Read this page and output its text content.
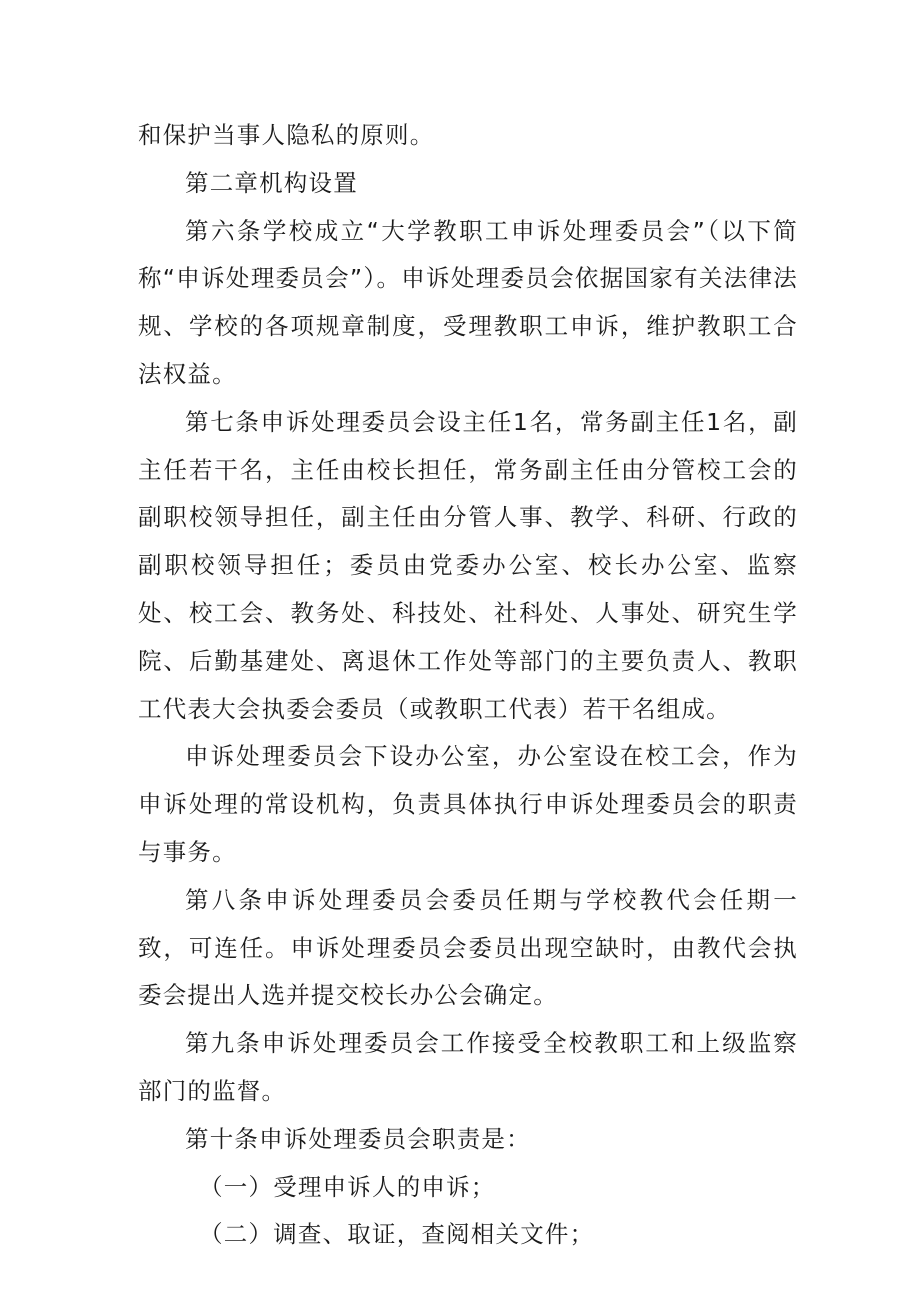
和保护当事人隐私的原则。

第二章机构设置

第六条学校成立“大学教职工申诉处理委员会”（以下简称“申诉处理委员会”）。申诉处理委员会依据国家有关法律法规、学校的各项规章制度，受理教职工申诉，维护教职工合法权益。

第七条申诉处理委员会设主任1名，常务副主任1名，副主任若干名，主任由校长担任，常务副主任由分管校工会的副职校领导担任，副主任由分管人事、教学、科研、行政的副职校领导担任；委员由党委办公室、校长办公室、监察处、校工会、教务处、科技处、社科处、人事处、研究生学院、后勤基建处、离退休工作处等部门的主要负责人、教职工代表大会执委会委员（或教职工代表）若干名组成。

申诉处理委员会下设办公室，办公室设在校工会，作为申诉处理的常设机构，负责具体执行申诉处理委员会的职责与事务。

第八条申诉处理委员会委员任期与学校教代会任期一致，可连任。申诉处理委员会委员出现空缺时，由教代会执委会提出人选并提交校长办公会确定。

第九条申诉处理委员会工作接受全校教职工和上级监察部门的监督。

第十条申诉处理委员会职责是：

（一）受理申诉人的申诉；

（二）调查、取证，查阅相关文件；
